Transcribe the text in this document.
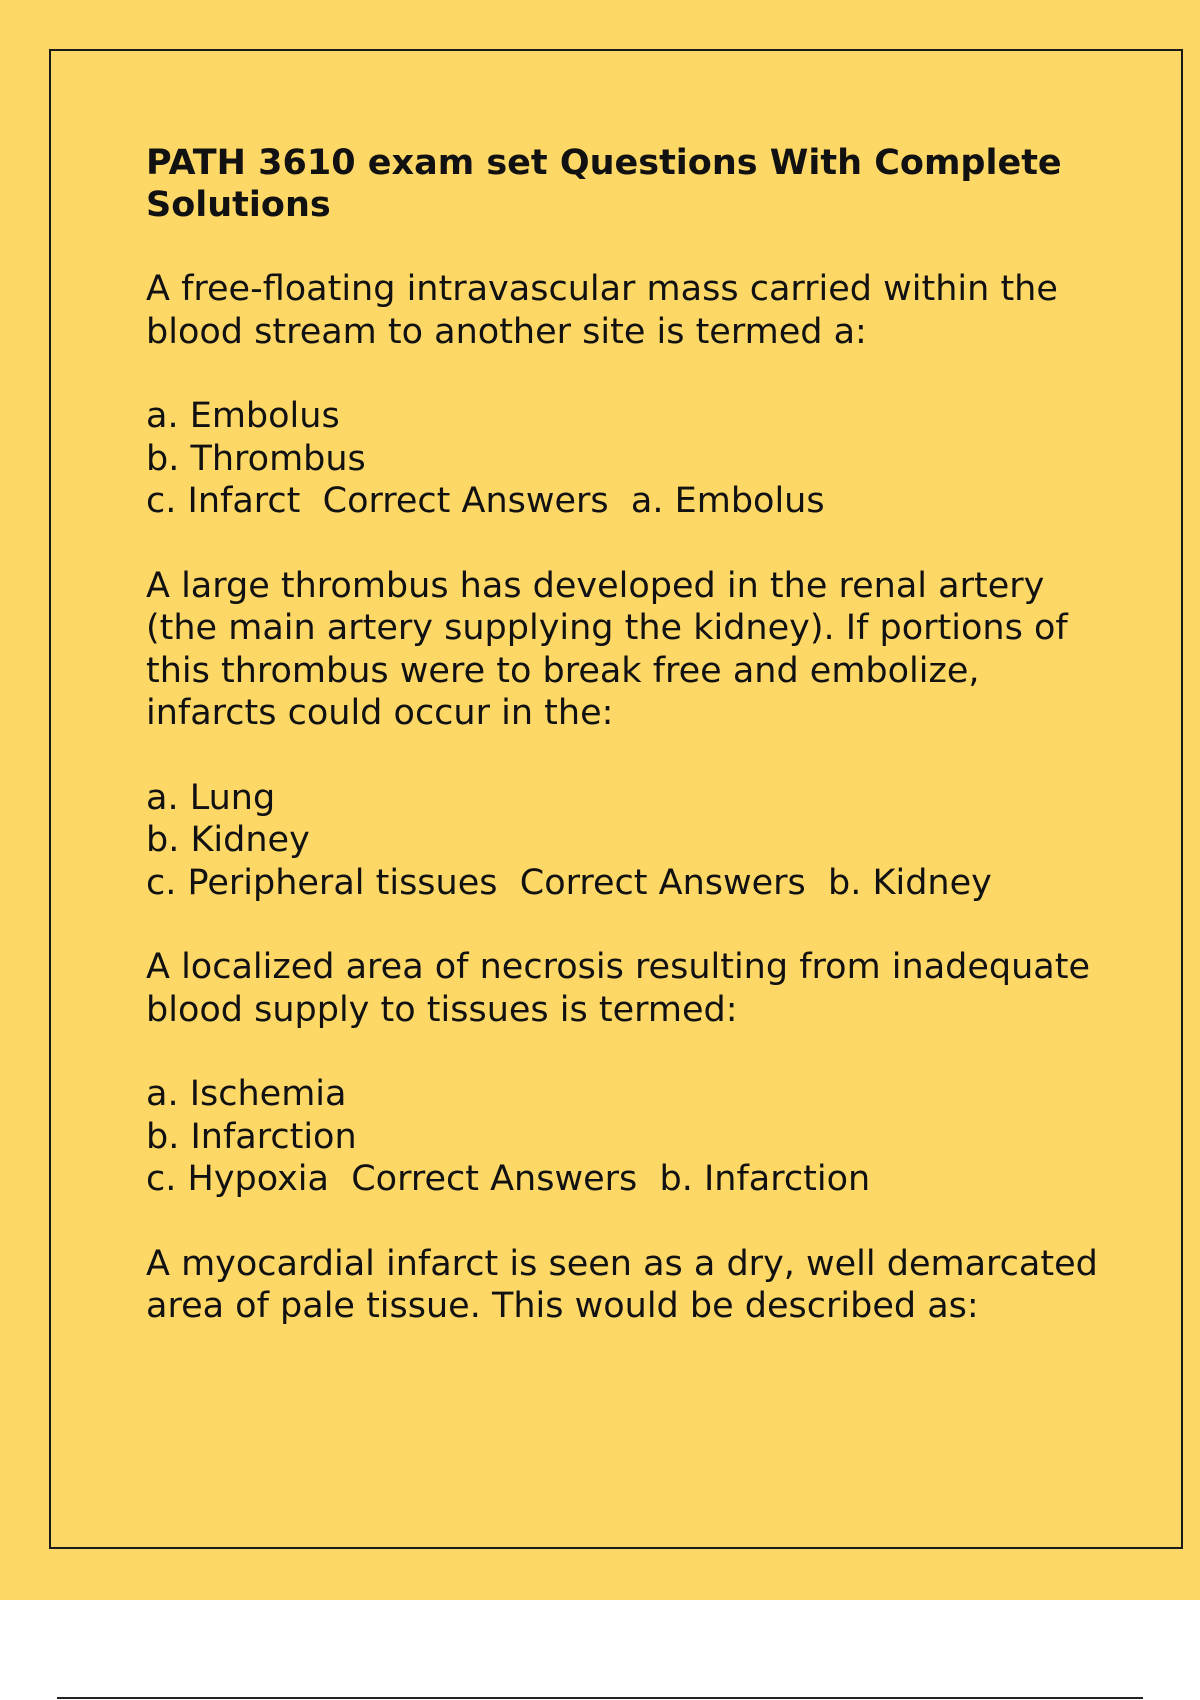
PATH 3610 exam set Questions With Complete Solutions
A free-floating intravascular mass carried within the blood stream to another site is termed a:
a. Embolus
b. Thrombus
c. Infarct Correct Answers a. Embolus
A large thrombus has developed in the renal artery (the main artery supplying the kidney). If portions of this thrombus were to break free and embolize, infarcts could occur in the:
a. Lung
b. Kidney
c. Peripheral tissues Correct Answers b. Kidney
A localized area of necrosis resulting from inadequate blood supply to tissues is termed:
a. Ischemia
b. Infarction
c. Hypoxia Correct Answers b. Infarction
A myocardial infarct is seen as a dry, well demarcated area of pale tissue. This would be described as:
